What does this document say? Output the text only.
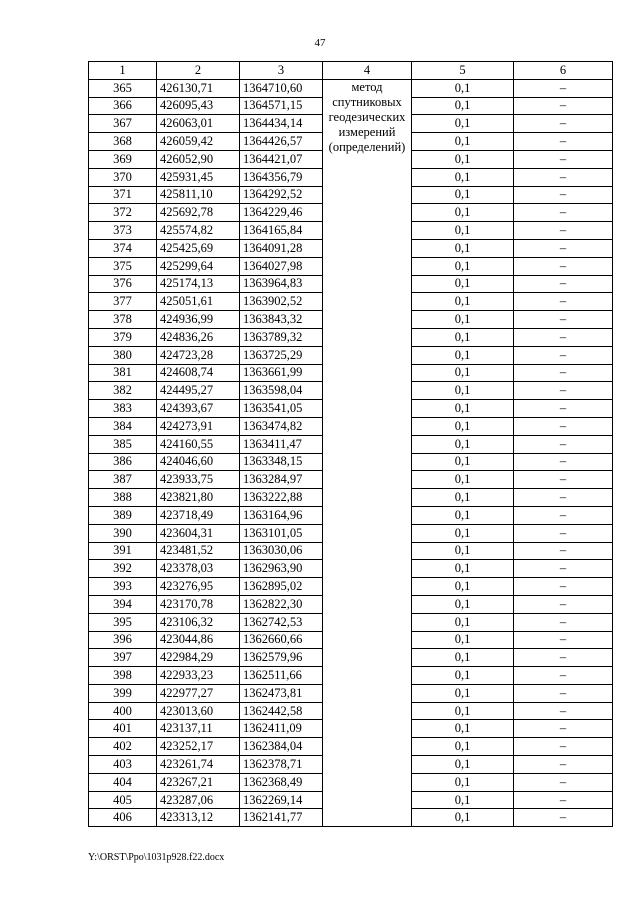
47
1	2	3	4	5	6
365	426130,71	1364710,60	метод
спутниковых
геодезических
измерений
(определений)	0,1	–
366	426095,43	1364571,15		0,1	–
367	426063,01	1364434,14		0,1	–
368	426059,42	1364426,57		0,1	–
369	426052,90	1364421,07		0,1	–
370	425931,45	1364356,79		0,1	–
371	425811,10	1364292,52		0,1	–
372	425692,78	1364229,46		0,1	–
373	425574,82	1364165,84		0,1	–
374	425425,69	1364091,28		0,1	–
375	425299,64	1364027,98		0,1	–
376	425174,13	1363964,83		0,1	–
377	425051,61	1363902,52		0,1	–
378	424936,99	1363843,32		0,1	–
379	424836,26	1363789,32		0,1	–
380	424723,28	1363725,29		0,1	–
381	424608,74	1363661,99		0,1	–
382	424495,27	1363598,04		0,1	–
383	424393,67	1363541,05		0,1	–
384	424273,91	1363474,82		0,1	–
385	424160,55	1363411,47		0,1	–
386	424046,60	1363348,15		0,1	–
387	423933,75	1363284,97		0,1	–
388	423821,80	1363222,88		0,1	–
389	423718,49	1363164,96		0,1	–
390	423604,31	1363101,05		0,1	–
391	423481,52	1363030,06		0,1	–
392	423378,03	1362963,90		0,1	–
393	423276,95	1362895,02		0,1	–
394	423170,78	1362822,30		0,1	–
395	423106,32	1362742,53		0,1	–
396	423044,86	1362660,66		0,1	–
397	422984,29	1362579,96		0,1	–
398	422933,23	1362511,66		0,1	–
399	422977,27	1362473,81		0,1	–
400	423013,60	1362442,58		0,1	–
401	423137,11	1362411,09		0,1	–
402	423252,17	1362384,04		0,1	–
403	423261,74	1362378,71		0,1	–
404	423267,21	1362368,49		0,1	–
405	423287,06	1362269,14		0,1	–
406	423313,12	1362141,77		0,1	–
Y:\ORST\Ppo\1031p928.f22.docx
